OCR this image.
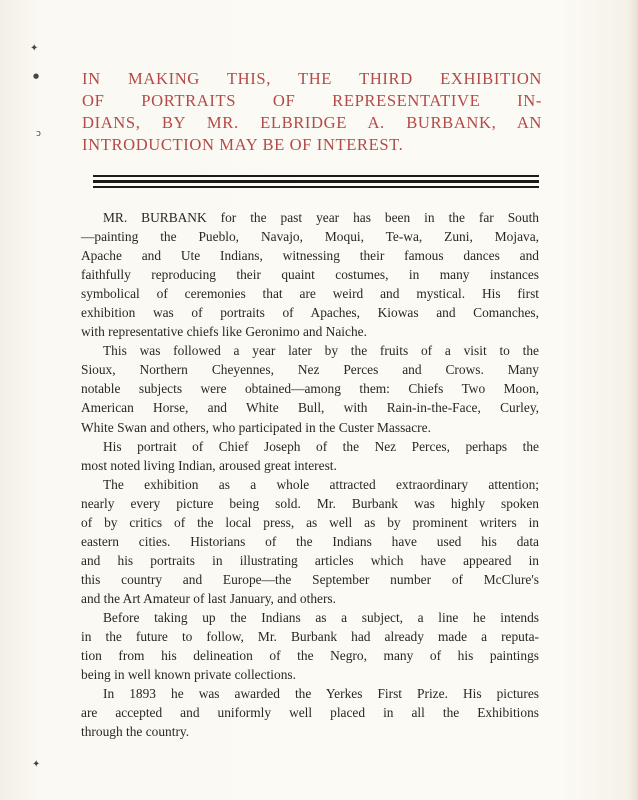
✦
●
ↄ
✦
IN MAKING THIS, THE THIRD EXHIBITION
OF PORTRAITS OF REPRESENTATIVE IN-
DIANS, BY MR. ELBRIDGE A. BURBANK, AN
INTRODUCTION MAY BE OF INTEREST.
MR. BURBANK for the past year has been in the far South
—painting the Pueblo, Navajo, Moqui, Te-wa, Zuni, Mojava,
Apache and Ute Indians, witnessing their famous dances and
faithfully reproducing their quaint costumes, in many instances
symbolical of ceremonies that are weird and mystical. His first
exhibition was of portraits of Apaches, Kiowas and Comanches,
with representative chiefs like Geronimo and Naiche.
This was followed a year later by the fruits of a visit to the
Sioux, Northern Cheyennes, Nez Perces and Crows. Many
notable subjects were obtained—among them: Chiefs Two Moon,
American Horse, and White Bull, with Rain-in-the-Face, Curley,
White Swan and others, who participated in the Custer Massacre.
His portrait of Chief Joseph of the Nez Perces, perhaps the
most noted living Indian, aroused great interest.
The exhibition as a whole attracted extraordinary attention;
nearly every picture being sold. Mr. Burbank was highly spoken
of by critics of the local press, as well as by prominent writers in
eastern cities. Historians of the Indians have used his data
and his portraits in illustrating articles which have appeared in
this country and Europe—the September number of McClure's
and the Art Amateur of last January, and others.
Before taking up the Indians as a subject, a line he intends
in the future to follow, Mr. Burbank had already made a reputa-
tion from his delineation of the Negro, many of his paintings
being in well known private collections.
In 1893 he was awarded the Yerkes First Prize. His pictures
are accepted and uniformly well placed in all the Exhibitions
through the country.
